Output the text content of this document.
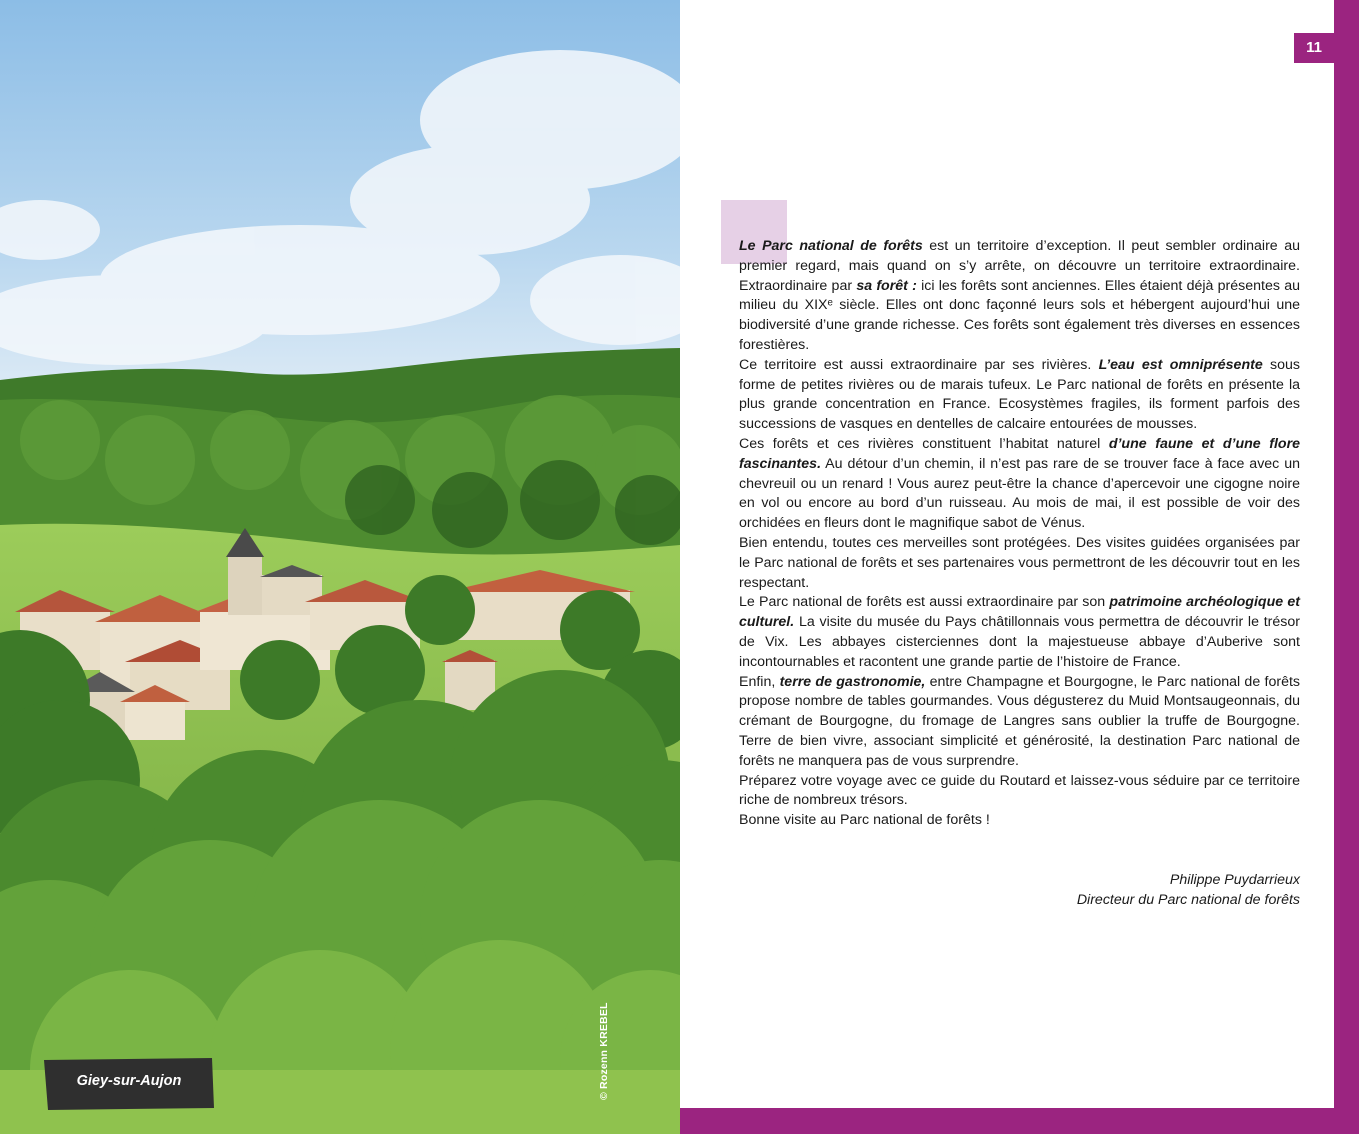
© Rozenn KREBEL
Giey-sur-Aujon
11

Le Parc national de forêts est un territoire d’exception. Il peut sembler ordinaire au premier regard, mais quand on s’y arrête, on découvre un territoire extraordinaire. Extraordinaire par sa forêt : ici les forêts sont anciennes. Elles étaient déjà présentes au milieu du XIXᵉ siècle. Elles ont donc façonné leurs sols et hébergent aujourd’hui une biodiversité d’une grande richesse. Ces forêts sont également très diverses en essences forestières.

Ce territoire est aussi extraordinaire par ses rivières. L’eau est omniprésente sous forme de petites rivières ou de marais tufeux. Le Parc national de forêts en présente la plus grande concentration en France. Ecosystèmes fragiles, ils forment parfois des successions de vasques en dentelles de calcaire entourées de mousses.

Ces forêts et ces rivières constituent l’habitat naturel d’une faune et d’une flore fascinantes. Au détour d’un chemin, il n’est pas rare de se trouver face à face avec un chevreuil ou un renard ! Vous aurez peut-être la chance d’apercevoir une cigogne noire en vol ou encore au bord d’un ruisseau. Au mois de mai, il est possible de voir des orchidées en fleurs dont le magnifique sabot de Vénus.

Bien entendu, toutes ces merveilles sont protégées. Des visites guidées organisées par le Parc national de forêts et ses partenaires vous permettront de les découvrir tout en les respectant.

Le Parc national de forêts est aussi extraordinaire par son patrimoine archéologique et culturel. La visite du musée du Pays châtillonnais vous permettra de découvrir le trésor de Vix. Les abbayes cisterciennes dont la majestueuse abbaye d’Auberive sont incontournables et racontent une grande partie de l’histoire de France.

Enfin, terre de gastronomie, entre Champagne et Bourgogne, le Parc national de forêts propose nombre de tables gourmandes. Vous dégusterez du Muid Montsaugeonnais, du crémant de Bourgogne, du fromage de Langres sans oublier la truffe de Bourgogne. Terre de bien vivre, associant simplicité et générosité, la destination Parc national de forêts ne manquera pas de vous surprendre.

Préparez votre voyage avec ce guide du Routard et laissez-vous séduire par ce territoire riche de nombreux trésors.

Bonne visite au Parc national de forêts !

Philippe Puydarrieux
Directeur du Parc national de forêts
